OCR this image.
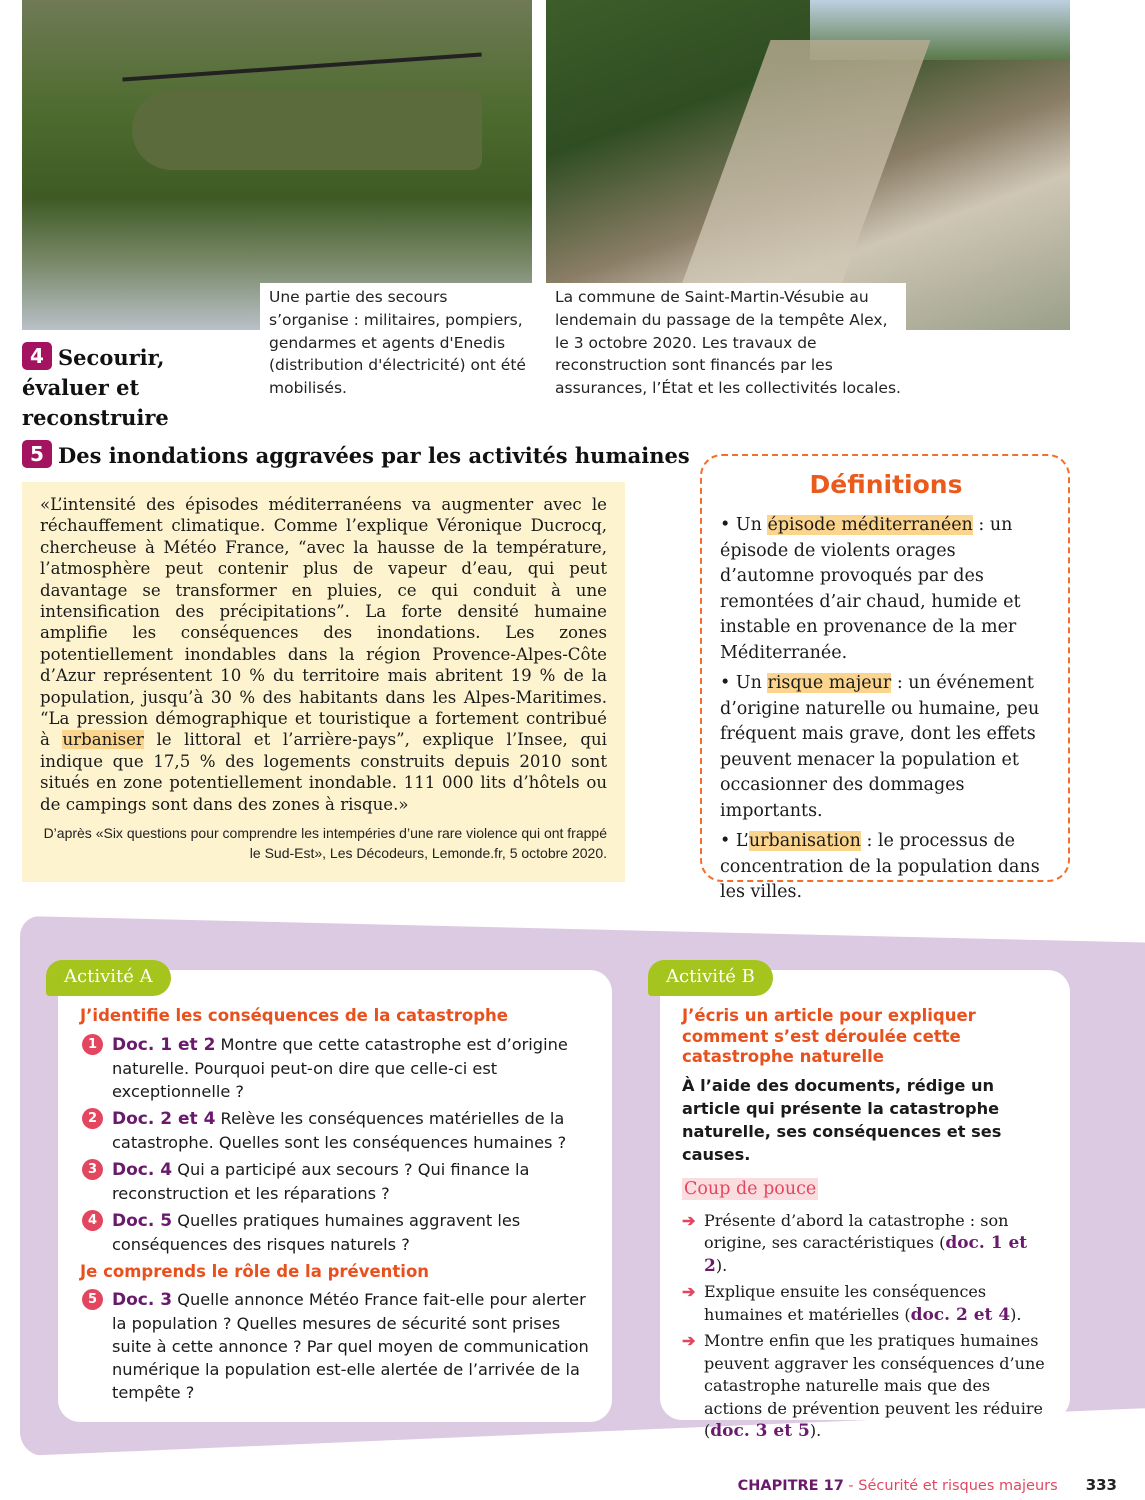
Une partie des secours s’organise : militaires, pompiers, gendarmes et agents d'Enedis (distribution d'électricité) ont été mobilisés.
La commune de Saint-Martin-Vésubie au lendemain du passage de la tempête Alex, le 3 octobre 2020. Les travaux de reconstruction sont financés par les assurances, l’État et les collectivités locales.
4 Secourir, évaluer et reconstruire
5 Des inondations aggravées par les activités humaines

«L’intensité des épisodes méditerranéens va augmenter avec le réchauffement climatique. Comme l’explique Véronique Ducrocq, chercheuse à Météo France, “avec la hausse de la température, l’atmosphère peut contenir plus de vapeur d’eau, qui peut davantage se transformer en pluies, ce qui conduit à une intensification des précipitations”. La forte densité humaine amplifie les conséquences des inondations. Les zones potentiellement inondables dans la région Provence-Alpes-Côte d’Azur représentent 10 % du territoire mais abritent 19 % de la population, jusqu’à 30 % des habitants dans les Alpes-Maritimes. “La pression démographique et touristique a fortement contribué à urbaniser le littoral et l’arrière-pays”, explique l’Insee, qui indique que 17,5 % des logements construits depuis 2010 sont situés en zone potentiellement inondable. 111 000 lits d’hôtels ou de campings sont dans des zones à risque.»

D’après «Six questions pour comprendre les intempéries d’une rare violence qui ont frappé le Sud-Est», Les Décodeurs, Lemonde.fr, 5 octobre 2020.

Définitions

• Un épisode méditerranéen : un épisode de violents orages d’automne provoqués par des remontées d’air chaud, humide et instable en provenance de la mer Méditerranée.

• Un risque majeur : un événement d’origine naturelle ou humaine, peu fréquent mais grave, dont les effets peuvent menacer la population et occasionner des dommages importants.

• L’urbanisation : le processus de concentration de la population dans les villes.

J’identifie les conséquences de la catastrophe
1 Doc. 1 et 2 Montre que cette catastrophe est d’origine naturelle. Pourquoi peut-on dire que celle-ci est exceptionnelle ?
2 Doc. 2 et 4 Relève les conséquences matérielles de la catastrophe. Quelles sont les conséquences humaines ?
3 Doc. 4 Qui a participé aux secours ? Qui finance la reconstruction et les réparations ?
4 Doc. 5 Quelles pratiques humaines aggravent les conséquences des risques naturels ?
Je comprends le rôle de la prévention
5 Doc. 3 Quelle annonce Météo France fait-elle pour alerter la population ? Quelles mesures de sécurité sont prises suite à cette annonce ? Par quel moyen de communication numérique la population est-elle alertée de l’arrivée de la tempête ?
Activité A
J’écris un article pour expliquer comment s’est déroulée cette catastrophe naturelle
À l’aide des documents, rédige un article qui présente la catastrophe naturelle, ses conséquences et ses causes.
Coup de pouce
➔ Présente d’abord la catastrophe : son origine, ses caractéristiques (doc. 1 et 2).
➔ Explique ensuite les conséquences humaines et matérielles (doc. 2 et 4).
➔ Montre enfin que les pratiques humaines peuvent aggraver les conséquences d’une catastrophe naturelle mais que des actions de prévention peuvent les réduire (doc. 3 et 5).
Activité B
CHAPITRE 17 - Sécurité et risques majeurs 333
